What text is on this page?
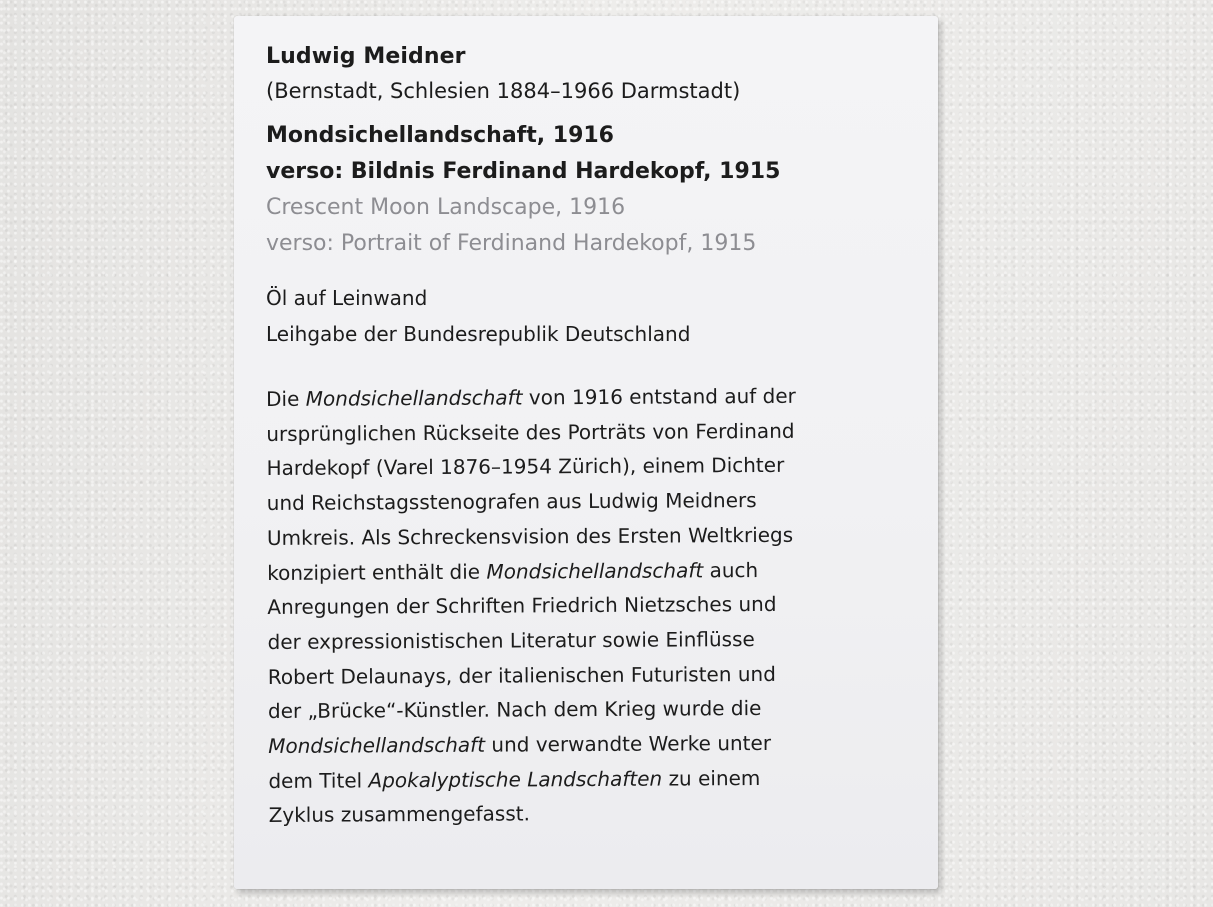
Ludwig Meidner
(Bernstadt, Schlesien 1884–1966 Darmstadt)
Mondsichellandschaft, 1916
verso: Bildnis Ferdinand Hardekopf, 1915
Crescent Moon Landscape, 1916
verso: Portrait of Ferdinand Hardekopf, 1915
Öl auf Leinwand
Leihgabe der Bundesrepublik Deutschland
Die Mondsichellandschaft von 1916 entstand auf der
ursprünglichen Rückseite des Porträts von Ferdinand
Hardekopf (Varel 1876–1954 Zürich), einem Dichter
und Reichstagsstenografen aus Ludwig Meidners
Umkreis. Als Schreckensvision des Ersten Weltkriegs
konzipiert enthält die Mondsichellandschaft auch
Anregungen der Schriften Friedrich Nietzsches und
der expressionistischen Literatur sowie Einflüsse
Robert Delaunays, der italienischen Futuristen und
der „Brücke“-Künstler. Nach dem Krieg wurde die
Mondsichellandschaft und verwandte Werke unter
dem Titel Apokalyptische Landschaften zu einem
Zyklus zusammengefasst.
